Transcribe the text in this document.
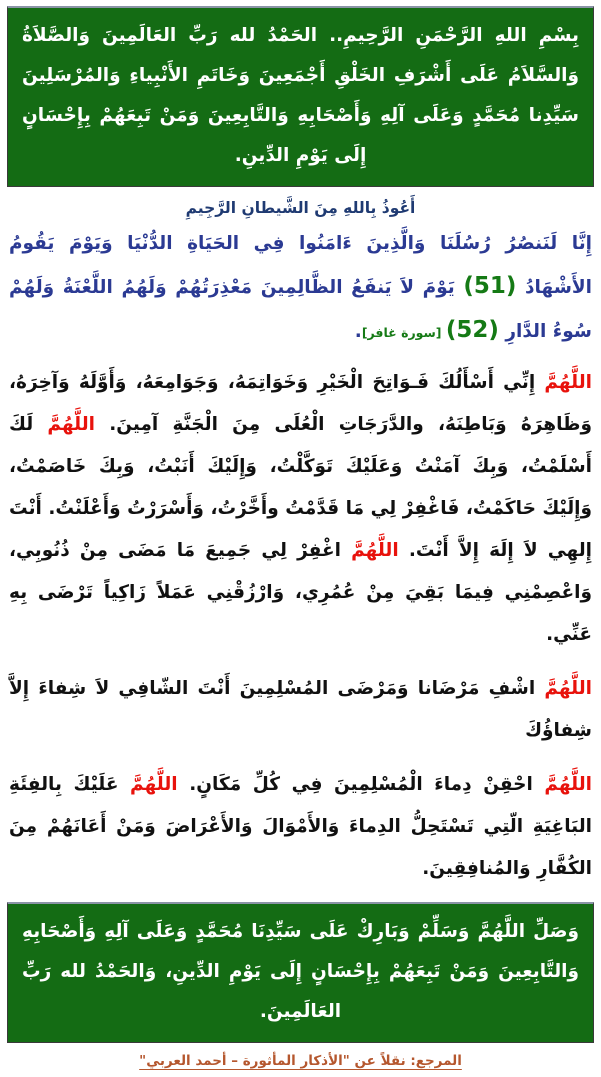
بِسْمِ اللهِ الرَّحْمَنِ الرَّحِيمِ.. الحَمْدُ لله رَبِّ العَالَمِينَ وَالصَّلاَةُ وَالسَّلاَمُ عَلَى أَشْرَفِ الخَلْقِ أَجْمَعِينَ وَخَاتَمِ الأَنْبِياءِ وَالمُرْسَلِينَ سَيِّدِنا مُحَمَّدٍ وَعَلَى آلِهِ وَأَصْحَابِهِ وَالتَّابِعِينَ وَمَنْ تَبِعَهُمْ بِإِحْسَانٍ إِلَى يَوْمِ الدِّينِ.

أَعُوذُ بِاللهِ مِنَ الشَّيطانِ الرَّجِيمِ

إِنَّا لَنَنصُرُ رُسُلَنَا وَالَّذِينَ ءَامَنُوا فِي الحَيَاةِ الدُّنْيَا وَيَوْمَ يَقُومُ الأَشْهَادُ (51) يَوْمَ لاَ يَنفَعُ الظَّالِمِينَ مَعْذِرَتُهُمْ وَلَهُمُ اللَّعْنَةُ وَلَهُمْ سُوءُ الدَّارِ (52) [سورة غافر].

اللَّهُمَّ إِنِّي أَسْأَلُكَ فَـوَاتِحَ الْخَيْرِ وَخَوَاتِمَهُ، وَجَوَامِعَهُ، وَأَوَّلَهُ وَآخِرَهُ، وَظَاهِرَهُ وَبَاطِنَهُ، والدَّرَجَاتِ الْعُلَى مِنَ الْجَنَّةِ آمِينَ. اللَّهُمَّ لَكَ أَسْلَمْتُ، وَبِكَ آمَنْتُ وَعَلَيْكَ تَوَكَّلْتُ، وَإِلَيْكَ أَنَبْتُ، وَبِكَ خَاصَمْتُ، وَإِلَيْكَ حَاكَمْتُ، فَاغْفِرْ لِي مَا قَدَّمْتُ وأَخَّرْتُ، وَأَسْرَرْتُ وَأَعْلَنْتُ. أَنْتَ إِلهِي لاَ إِلَهَ إِلاَّ أَنْتَ. اللَّهُمَّ اغْفِرْ لِي جَمِيعَ مَا مَضَى مِنْ ذُنُوبِي، وَاعْصِمْنِي فِيمَا بَقِيَ مِنْ عُمُرِي، وَارْزُقْنِي عَمَلاً زَاكِياً تَرْضَى بِهِ عَنِّي.

اللَّهُمَّ اشْفِ مَرْضَانا وَمَرْضَى المُسْلِمِينَ أَنْتَ الشّافِي لاَ شِفاءَ إِلاَّ شِفاؤُكَ

اللَّهُمَّ احْقِنْ دِماءَ الْمُسْلِمِينَ فِي كُلِّ مَكَانٍ. اللَّهُمَّ عَلَيْكَ بِالفِئَةِ البَاغِيَةِ الّتِي تَسْتَحِلُّ الدِماءَ وَالأَمْوَالَ وَالأَعْرَاضَ وَمَنْ أَعَانَهُمْ مِنَ الكُفَّارِ وَالمُنافِقِينَ.

وَصَلِّ اللَّهُمَّ وَسَلِّمْ وَبَارِكْ عَلَى سَيِّدِنَا مُحَمَّدٍ وَعَلَى آلِهِ وَأَصْحَابِهِ وَالتَّابِعِينَ وَمَنْ تَبِعَهُمْ بِإِحْسَانٍ إِلَى يَوْمِ الدِّينِ، وَالحَمْدُ لله رَبِّ العَالَمِينَ.

المرجع: نقلاً عن "الأذكار المأثورة – أحمد العربي"
